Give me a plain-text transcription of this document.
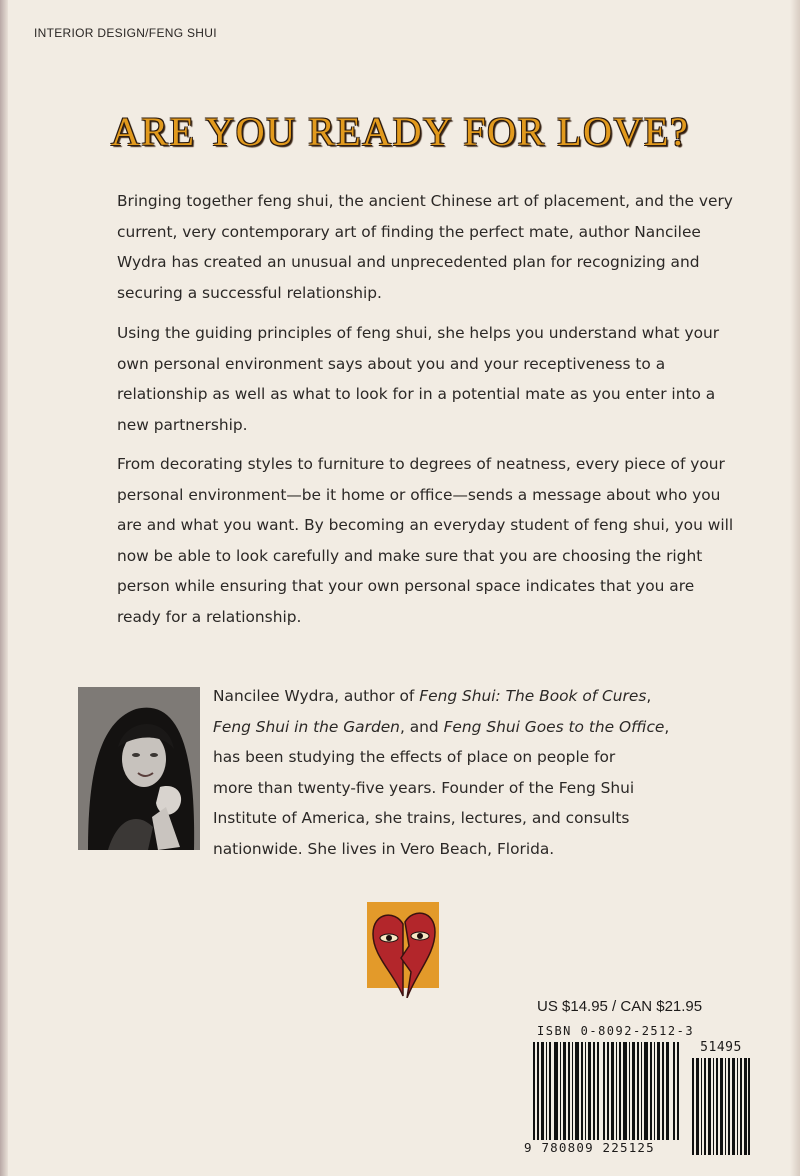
INTERIOR DESIGN/FENG SHUI
ARE YOU READY FOR LOVE?

Bringing together feng shui, the ancient Chinese art of placement, and the very current, very contemporary art of finding the perfect mate, author Nancilee Wydra has created an unusual and unprecedented plan for recognizing and securing a successful relationship.

Using the guiding principles of feng shui, she helps you understand what your own personal environment says about you and your receptiveness to a relationship as well as what to look for in a potential mate as you enter into a new partnership.

From decorating styles to furniture to degrees of neatness, every piece of your personal environment—be it home or office—sends a message about who you are and what you want. By becoming an everyday student of feng shui, you will now be able to look carefully and make sure that you are choosing the right person while ensuring that your own personal space indicates that you are ready for a relationship.

Nancilee Wydra, author of Feng Shui: The Book of Cures,
Feng Shui in the Garden, and Feng Shui Goes to the Office,
has been studying the effects of place on people for
more than twenty-five years. Founder of the Feng Shui
Institute of America, she trains, lectures, and consults
nationwide. She lives in Vero Beach, Florida.
US $14.95 / CAN $21.95
ISBN 0-8092-2512-3
51495
9 780809 225125
